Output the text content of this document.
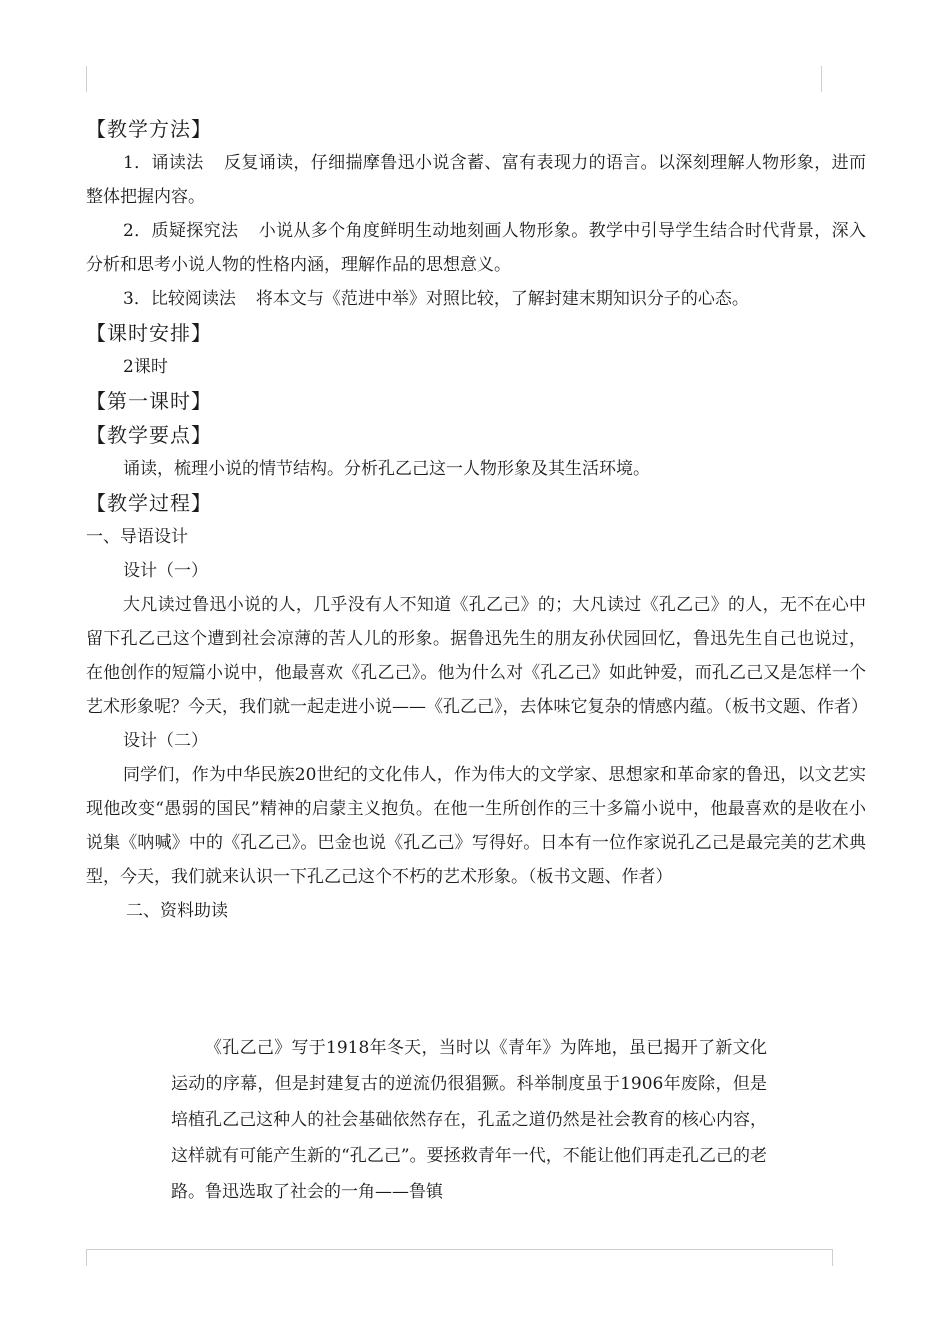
【教学方法】
1．诵读法 反复诵读，仔细揣摩鲁迅小说含蓄、富有表现力的语言。以深刻理解人物形象，进而整体把握内容。
2．质疑探究法 小说从多个角度鲜明生动地刻画人物形象。教学中引导学生结合时代背景，深入分析和思考小说人物的性格内涵，理解作品的思想意义。
3．比较阅读法 将本文与《范进中举》对照比较，了解封建末期知识分子的心态。
【课时安排】
2课时
【第一课时】
【教学要点】
诵读，梳理小说的情节结构。分析孔乙己这一人物形象及其生活环境。
【教学过程】
一、导语设计
设计（一）
大凡读过鲁迅小说的人，几乎没有人不知道《孔乙己》的；大凡读过《孔乙己》的人，无不在心中留下孔乙己这个遭到社会凉薄的苦人儿的形象。据鲁迅先生的朋友孙伏园回忆，鲁迅先生自己也说过，在他创作的短篇小说中，他最喜欢《孔乙己》。他为什么对《孔乙己》如此钟爱，而孔乙己又是怎样一个艺术形象呢？今天，我们就一起走进小说——《孔乙己》，去体味它复杂的情感内蕴。（板书文题、作者）
设计（二）
同学们，作为中华民族20世纪的文化伟人，作为伟大的文学家、思想家和革命家的鲁迅，以文艺实现他改变“愚弱的国民”精神的启蒙主义抱负。在他一生所创作的三十多篇小说中，他最喜欢的是收在小说集《呐喊》中的《孔乙己》。巴金也说《孔乙己》写得好。日本有一位作家说孔乙己是最完美的艺术典型，今天，我们就来认识一下孔乙己这个不朽的艺术形象。（板书文题、作者）
二、资料助读
《孔乙己》写于1918年冬天，当时以《青年》为阵地，虽已揭开了新文化运动的序幕，但是封建复古的逆流仍很猖獗。科举制度虽于1906年废除，但是培植孔乙己这种人的社会基础依然存在，孔孟之道仍然是社会教育的核心内容，这样就有可能产生新的“孔乙己”。要拯救青年一代，不能让他们再走孔乙己的老路。鲁迅选取了社会的一角——鲁镇
